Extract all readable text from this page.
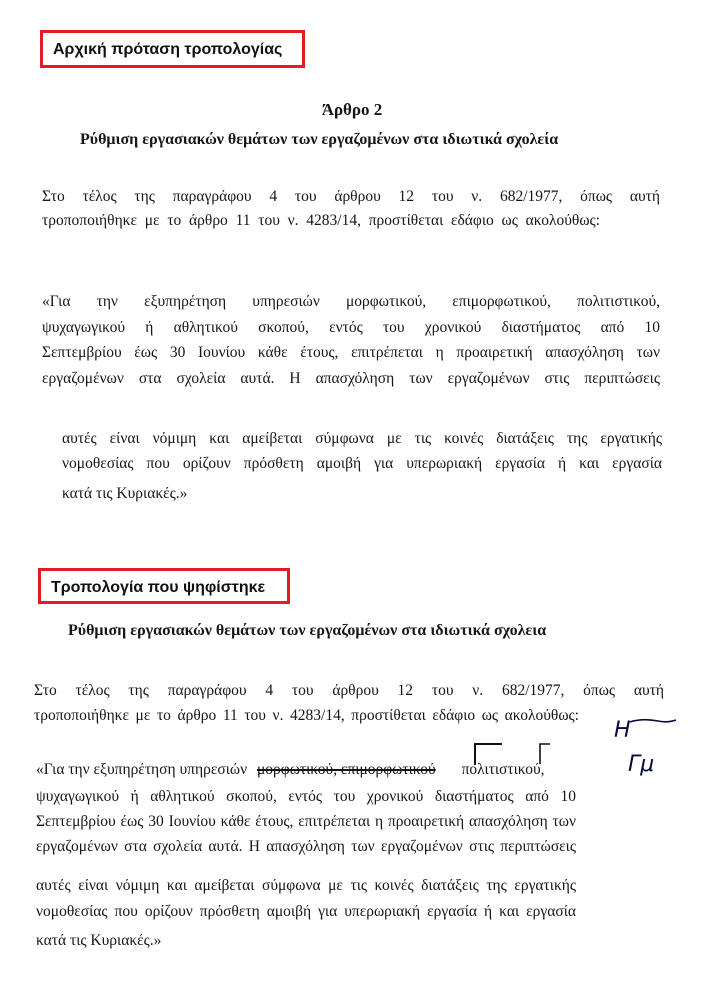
Αρχική πρόταση τροπολογίας
Τροπολογία που ψηφίστηκε
Άρθρο 2
Ρύθμιση εργασιακών θεμάτων των εργαζομένων στα ιδιωτικά σχολεία
Στο τέλος της παραγράφου 4 του άρθρου 12 του ν. 682/1977, όπως αυτή
τροποποιήθηκε με το άρθρο 11 του ν. 4283/14, προστίθεται εδάφιο ως ακολούθως:
«Για την εξυπηρέτηση υπηρεσιών μορφωτικού, επιμορφωτικού, πολιτιστικού,
ψυχαγωγικού ή αθλητικού σκοπού, εντός του χρονικού διαστήματος από 10
Σεπτεμβρίου έως 30 Ιουνίου κάθε έτους, επιτρέπεται η προαιρετική απασχόληση των
εργαζομένων στα σχολεία αυτά. Η απασχόληση των εργαζομένων στις περιπτώσεις
αυτές είναι νόμιμη και αμείβεται σύμφωνα με τις κοινές διατάξεις της εργατικής
νομοθεσίας που ορίζουν πρόσθετη αμοιβή για υπερωριακή εργασία ή και εργασία
κατά τις Κυριακές.»
Ρύθμιση εργασιακών θεμάτων των εργαζομένων στα ιδιωτικά σχολεια
Στο τέλος της παραγράφου 4 του άρθρου 12 του ν. 682/1977, όπως αυτή
τροποποιήθηκε με το άρθρο 11 του ν. 4283/14, προστίθεται εδάφιο ως ακολούθως:
«Για την εξυπηρέτηση υπηρεσιών μορφωτικού, επιμορφωτικού πολιτιστικού,
ψυχαγωγικού ή αθλητικού σκοπού, εντός του χρονικού διαστήματος από 10
Σεπτεμβρίου έως 30 Ιουνίου κάθε έτους, επιτρέπεται η προαιρετική απασχόληση των
εργαζομένων στα σχολεία αυτά. Η απασχόληση των εργαζομένων στις περιπτώσεις
αυτές είναι νόμιμη και αμείβεται σύμφωνα με τις κοινές διατάξεις της εργατικής
νομοθεσίας που ορίζουν πρόσθετη αμοιβή για υπερωριακή εργασία ή και εργασία
κατά τις Κυριακές.»
Η
Γμ
